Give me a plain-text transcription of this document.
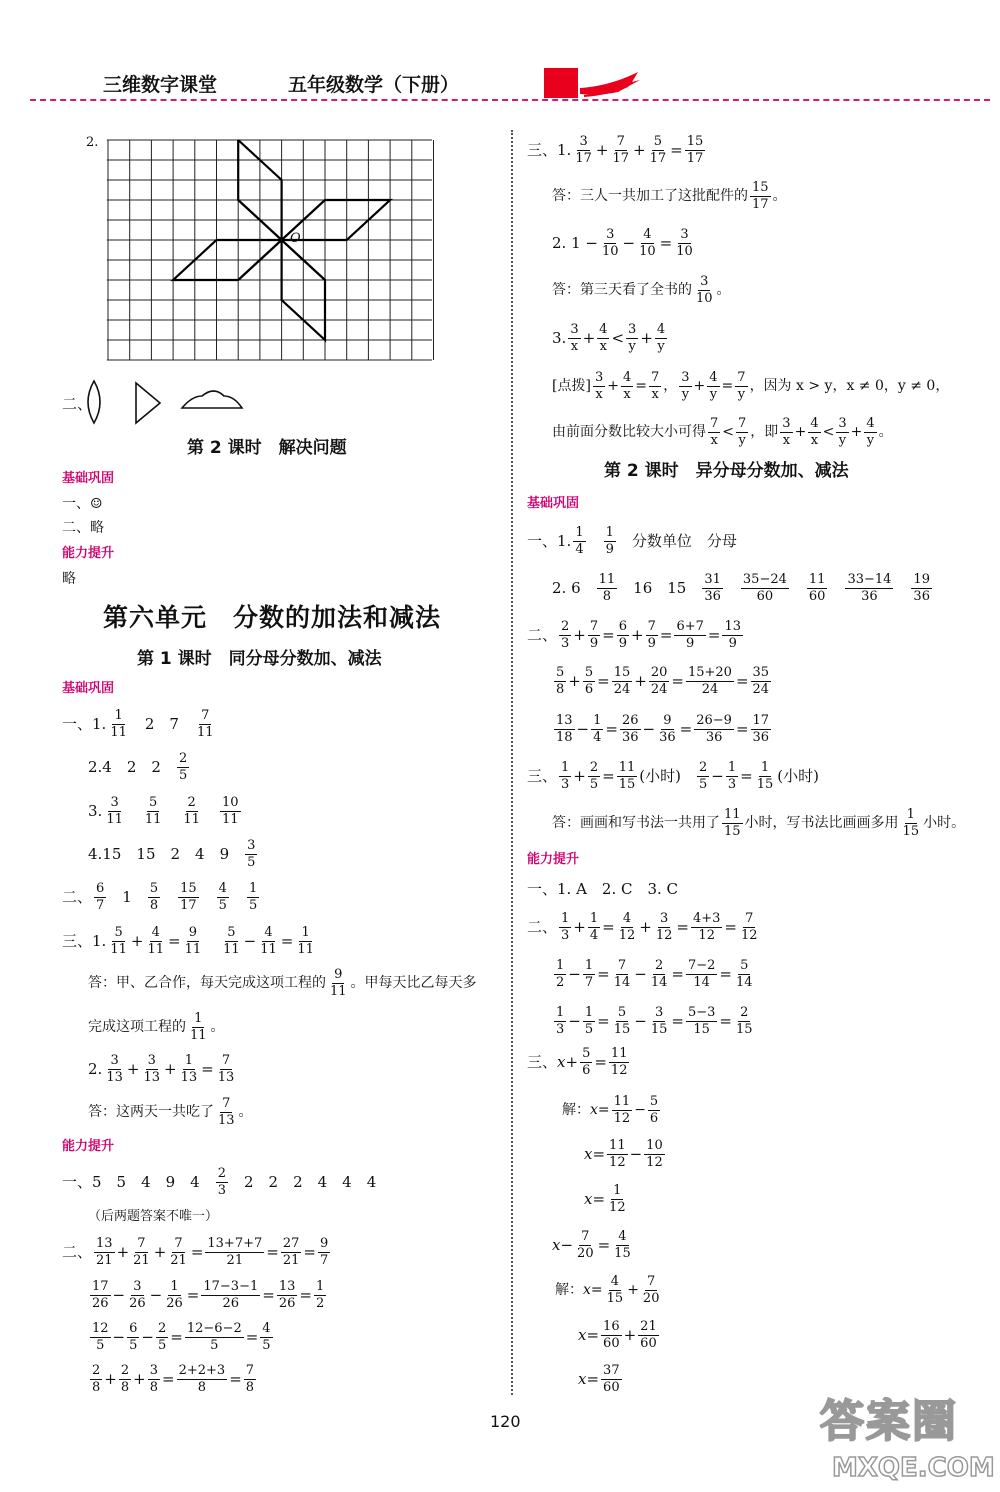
三维数字课堂	五年级数学（下册）
2.
O
二、
第 2 课时　解决问题
基础巩固
一、☺
二、略
能力提升
略
第六单元　分数的加法和减法
第 1 课时　同分母分数加、减法
基础巩固
一、1. 1
11 2　7 7
11
2.4　2　2 2
5
3. 3
11
5
11
2
11
10
11
4.15　15　2　4　9 3
5
二、 6
7 1 5
8
15
17
4
5
1
5
三、1. 5
11 + 4
11 = 9
11
5
11 − 4
11 = 1
11
答：甲、乙合作，每天完成这项工程的
9
11 。甲每天比乙每天多
完成这项工程的
1
11 。
2. 3
13 + 3
13 + 1
13 = 7
13
答：这两天一共吃了
7
13 。
能力提升
一、5　5　4　9　4 2
3 2　2　2　4　4　4
（后两题答案不唯一）
二、 13
21 + 7
21 + 7
21 = 13+7+7
21 = 27
21 = 9
7
17
26 − 3
26 − 1
26 = 17−3−1
26 = 13
26 = 1
2
12
5 − 6
5 − 2
5 = 12−6−2
5 = 4
5
2
8 + 2
8 + 3
8 = 2+2+3
8 = 7
8
三、1. 3
17 + 7
17 + 5
17 = 15
17
答：三人一共加工了这批配件的
15
17 。
2. $1 - \frac{3}{10} - 4$
10 = 3
10
答：第三天看了全书的
3
10 。
3. 3
x + 4
x < 3
y + 4
y
[点拨]
3
x +
4
x =
7
x ，
3
y +
4
y =
7
y ，因为 x > y，x ≠ 0，y ≠ 0，
由前面分数比较大小可得
7
x <
7
y ，即
3
x +
4
x <
3
y +
4
y 。
第 2 课时　异分母分数加、减法
基础巩固
一、1. 1
4
1
9 分数单位　分母
2. 6 11
8 16　15 31
36
35−24
60
11
60
33−14
36
19
36
二、 2
3 + 7
9 = 6
9 + 7
9 = 6+7
9 = 13
9
5
8 + 5
6 = 15
24 + 20
24 = 15+20
24 = 35
24
13
18 − 1
4 = 26
36 − 9
36 = 26−9
36 = 17
36
三、 1
3 + 2
5 = 11
15 (小时) 2
5 − 1
3 = 1
15 (小时)
答：画画和写书法一共用了
11
15 小时，写书法比画画多用
1
15 小时。
能力提升
一、1. A　2. C　3. C
二、 1
3 + 1
4 = 4
12 + 3
12 = 4+3
12 = 7
12
1
2 − 1
7 = 7
14 − 2
14 = 7−2
14 = 5
14
1
3 − 1
5 = 5
15 − 3
15 = 5−3
15 = 2
15
三、 x + 5
6 = 11
12
解： x =
11
12 −
5
6
x = 11
12 − 10
12
x = 1
12
x − 7
20 = 4
15
解： x =
4
15 +
7
20
x = 16
60 + 21
60
x = 37
60
120	答案圈
MXQE.COM
